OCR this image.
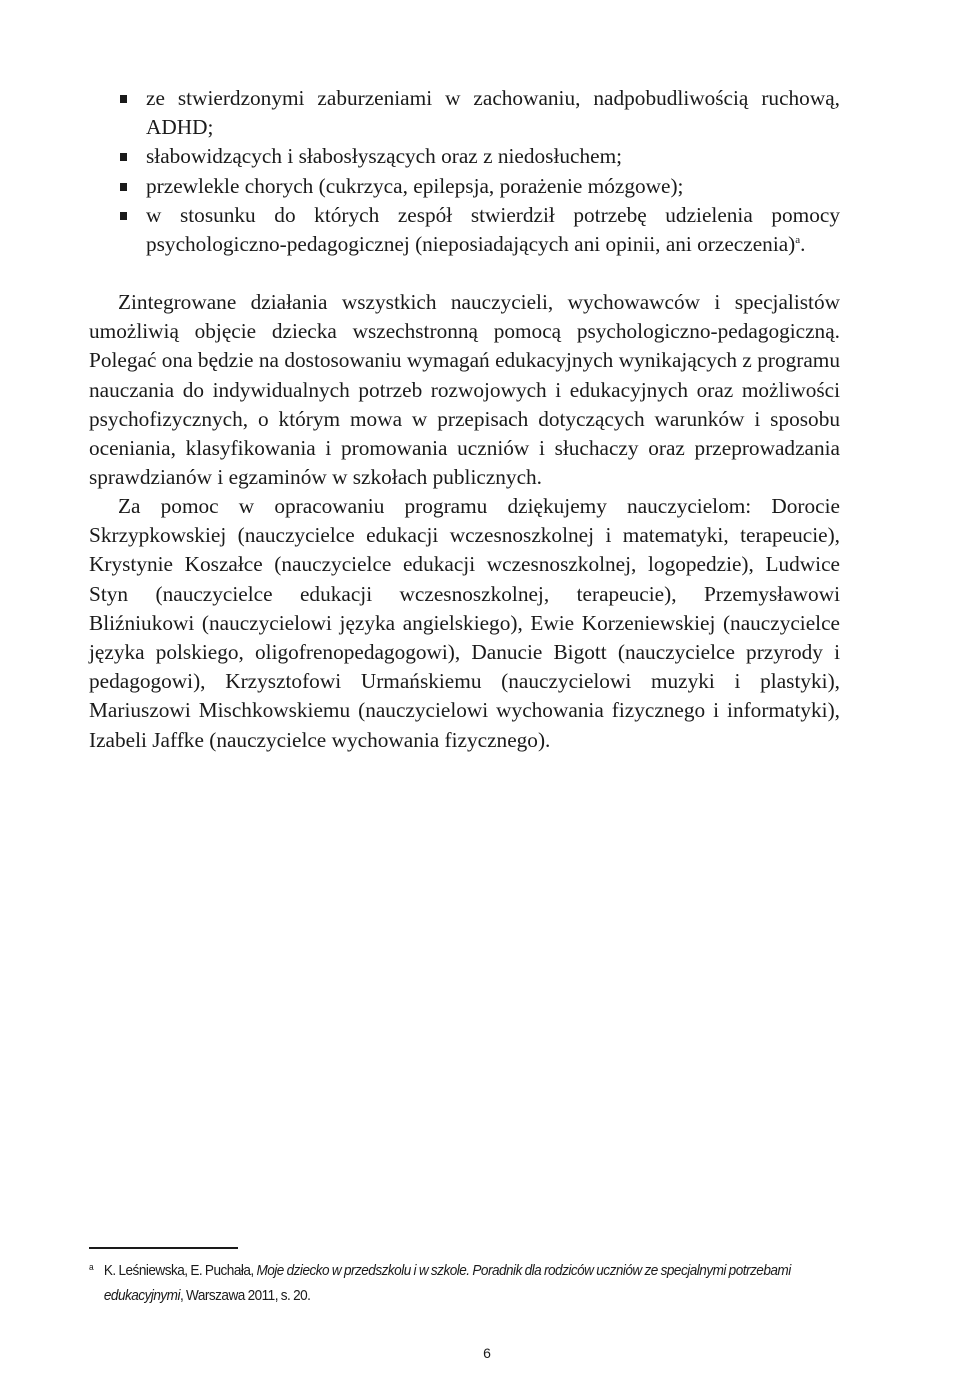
ze stwierdzonymi zaburzeniami w zachowaniu, nadpobudliwością ruchową, ADHD;
słabowidzących i słabosłyszących oraz z niedosłuchem;
przewlekle chorych (cukrzyca, epilepsja, porażenie mózgowe);
w stosunku do których zespół stwierdził potrzebę udzielenia pomocy psychologiczno-pedagogicznej (nieposiadających ani opinii, ani orzeczenia)$^a$.

Zintegrowane działania wszystkich nauczycieli, wychowawców i specjalistów umożliwią objęcie dziecka wszechstronną pomocą psychologiczno-pedagogiczną. Polegać ona będzie na dostosowaniu wymagań edukacyjnych wynikających z programu nauczania do indywidualnych potrzeb rozwojowych i edukacyjnych oraz możliwości psychofizycznych, o którym mowa w przepisach dotyczących warunków i sposobu oceniania, klasyfikowania i promowania uczniów i słuchaczy oraz przeprowadzania sprawdzianów i egzaminów w szkołach publicznych.

Za pomoc w opracowaniu programu dziękujemy nauczycielom: Dorocie Skrzypkowskiej (nauczycielce edukacji wczesnoszkolnej i matematyki, terapeucie), Krystynie Koszałce (nauczycielce edukacji wczesnoszkolnej, logopedzie), Ludwice Styn (nauczycielce edukacji wczesnoszkolnej, terapeucie), Przemysławowi Bliźniukowi (nauczycielowi języka angielskiego), Ewie Korzeniewskiej (nauczycielce języka polskiego, oligofrenopedagogowi), Danucie Bigott (nauczycielce przyrody i pedagogowi), Krzysztofowi Urmańskiemu (nauczycielowi muzyki i plastyki), Mariuszowi Mischkowskiemu (nauczycielowi wychowania fizycznego i informatyki), Izabeli Jaffke (nauczycielce wychowania fizycznego).

a K. Leśniewska, E. Puchała, Moje dziecko w przedszkolu i w szkole. Poradnik dla rodziców uczniów ze specjalnymi potrzebami
edukacyjnymi, Warszawa 2011, s. 20.
6
